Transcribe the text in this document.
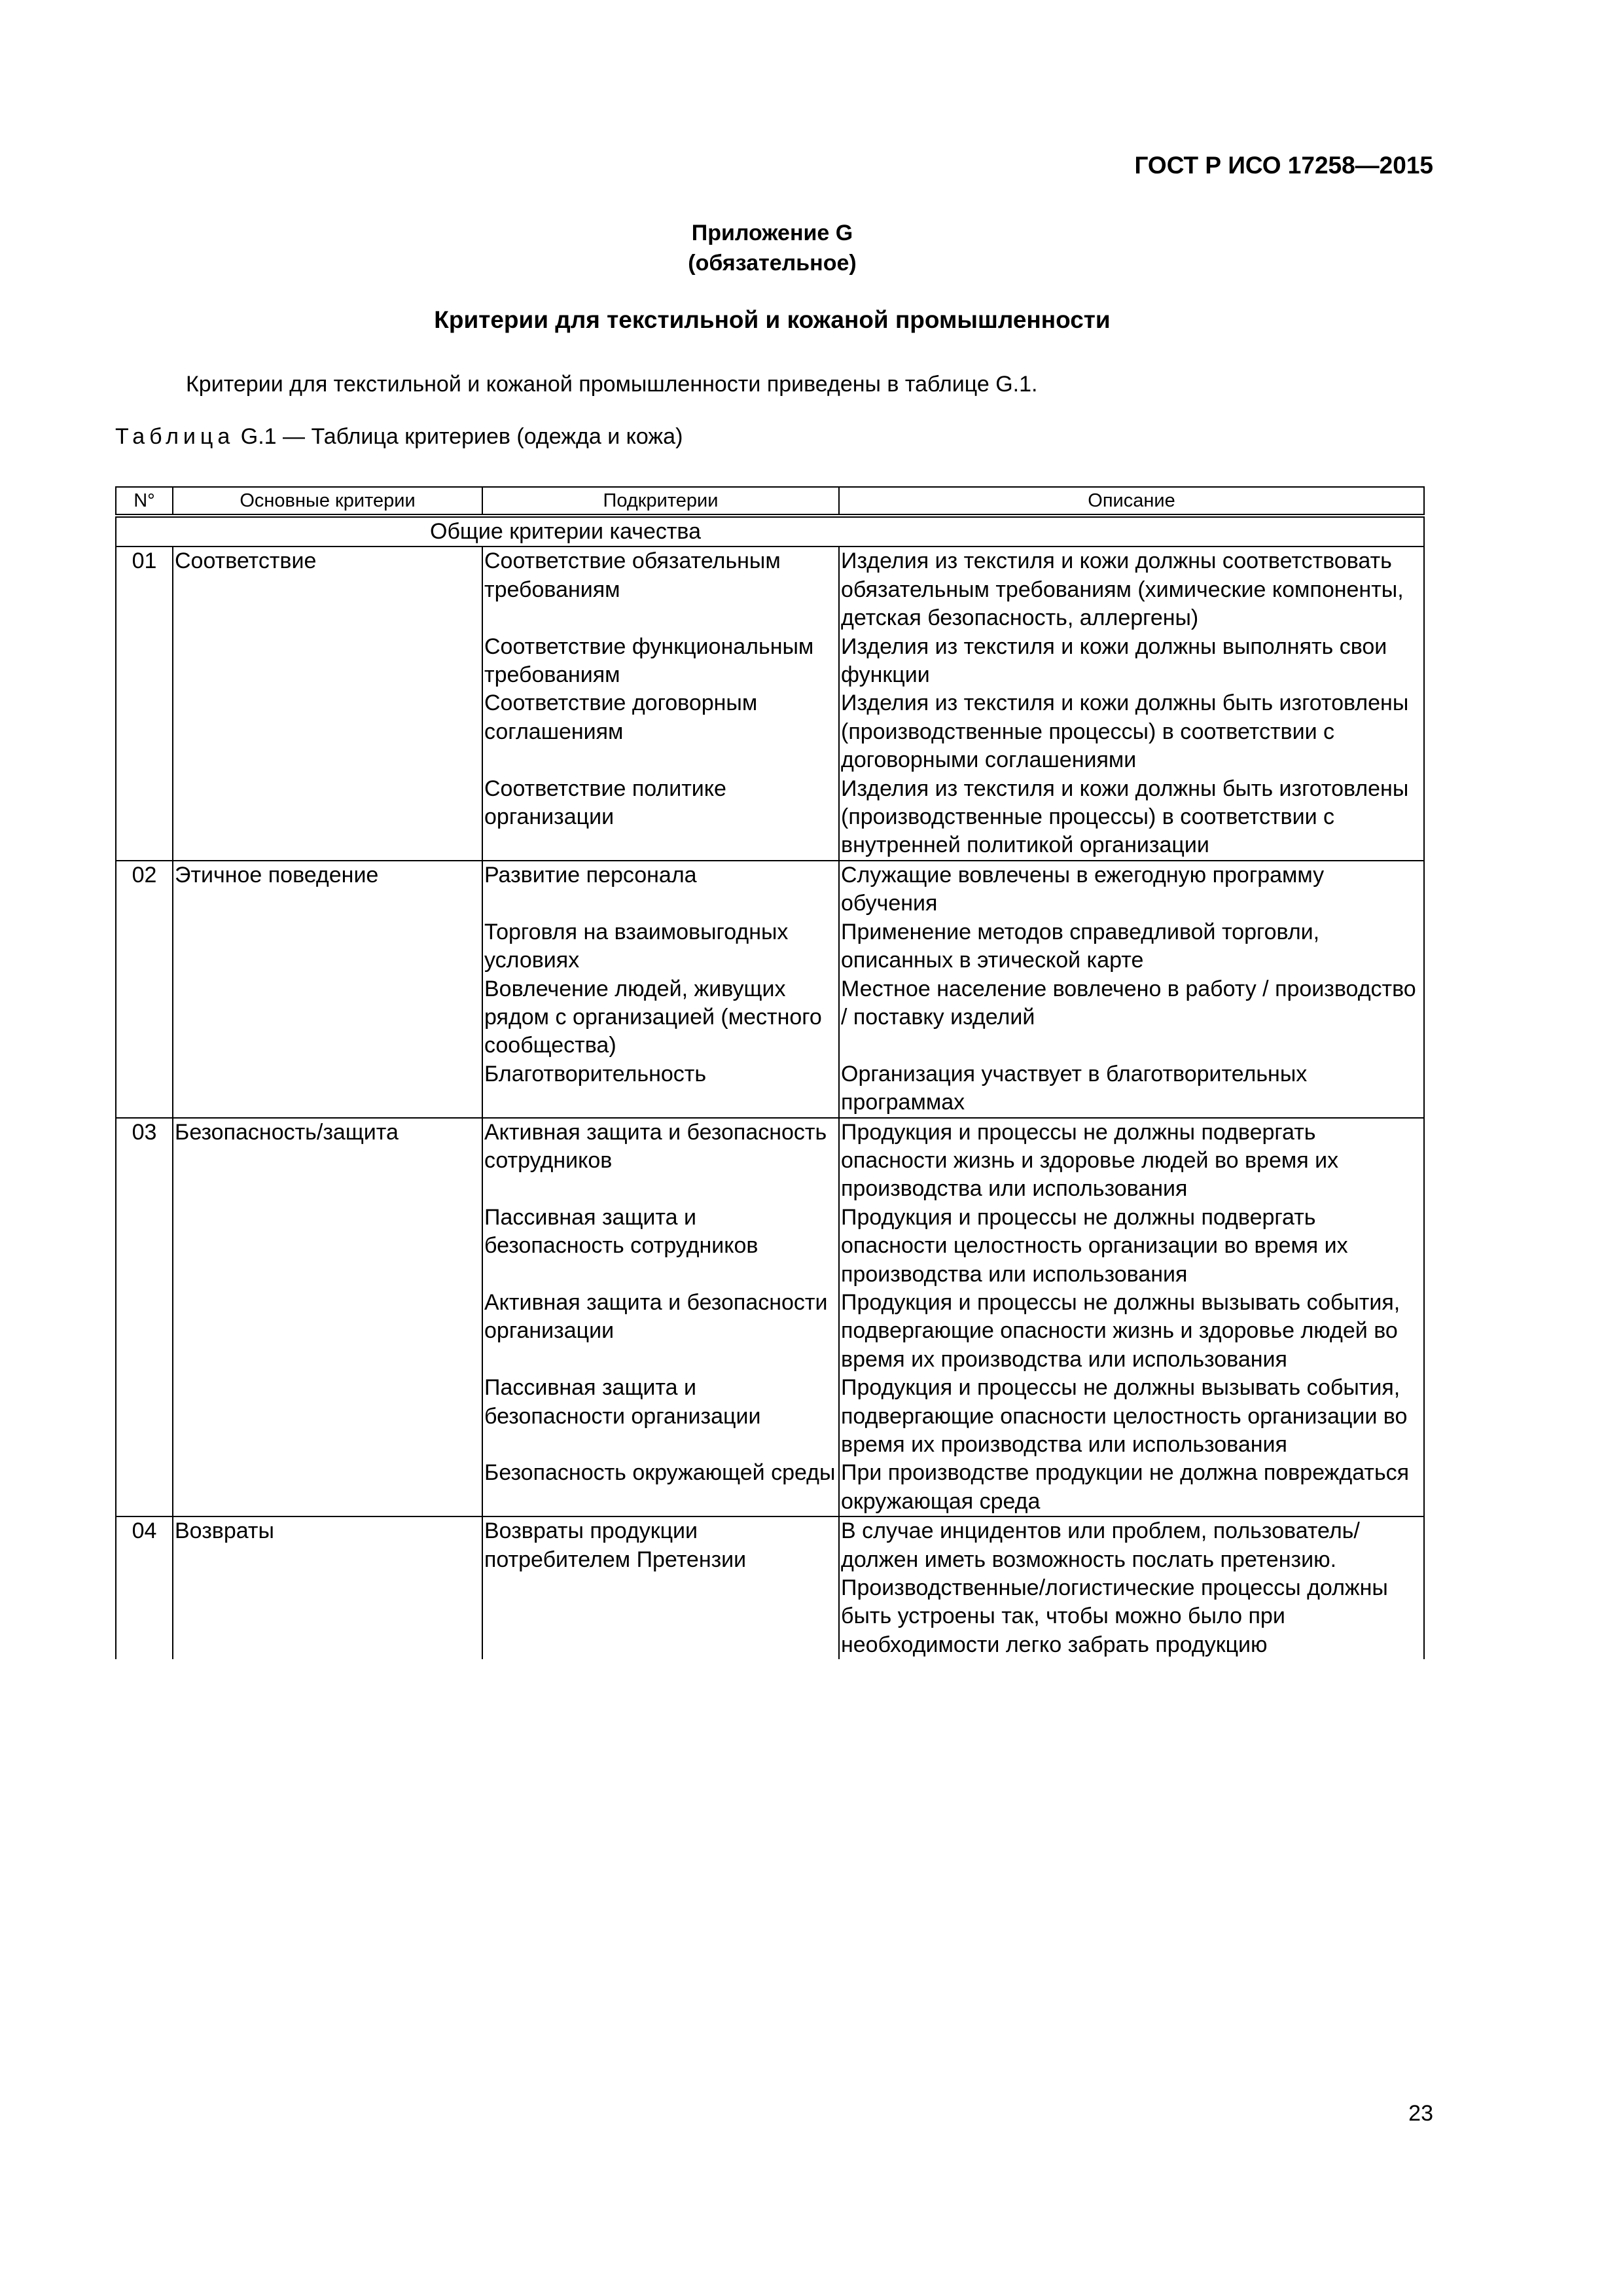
ГОСТ Р ИСО 17258—2015
Приложение G
(обязательное)
Критерии для текстильной и кожаной промышленности
Критерии для текстильной и кожаной промышленности приведены в таблице G.1.
Таблица G.1 — Таблица критериев (одежда и кожа)
N°	Основные критерии	Подкритерии	Описание
Общие критерии качества			
01	Соответствие	Соответствие обязательным требованиям	Изделия из текстиля и кожи должны соответствовать обязательным требованиям (химические компоненты, детская безопасность, аллергены)
		Соответствие функциональным требованиям	Изделия из текстиля и кожи должны выполнять свои функции
		Соответствие договорным соглашениям	Изделия из текстиля и кожи должны быть изготовлены (производственные процессы) в соответствии с договорными соглашениями
		Соответствие политике организации	Изделия из текстиля и кожи должны быть изготовлены (производственные процессы) в соответствии с внутренней политикой организации
02	Этичное поведение	Развитие персонала	Служащие вовлечены в ежегодную программу обучения
		Торговля на взаимовыгодных условиях	Применение методов справедливой торговли, описанных в этической карте
		Вовлечение людей, живущих рядом с организацией (местного сообщества)	Местное население вовлечено в работу / производство / поставку изделий
		Благотворительность	Организация участвует в благотворительных программах
03	Безопасность/защита	Активная защита и безопасность сотрудников	Продукция и процессы не должны подвергать опасности жизнь и здоровье людей во время их производства или использования
		Пассивная защита и безопасность сотрудников	Продукция и процессы не должны подвергать опасности целостность организации во время их производства или использования
		Активная защита и безопасности организации	Продукция и процессы не должны вызывать события, подвергающие опасности жизнь и здоровье людей во время их производства или использования
		Пассивная защита и безопасности организации	Продукция и процессы не должны вызывать события, подвергающие опасности целостность организации во время их производства или использования
		Безопасность окружающей среды	При производстве продукции не должна повреждаться окружающая среда
04	Возвраты	Возвраты продукции потребителем Претензии	В случае инцидентов или проблем, пользователь/ должен иметь возможность послать претензию. Производственные/логистические процессы должны быть устроены так, чтобы можно было при необходимости легко забрать продукцию
23
